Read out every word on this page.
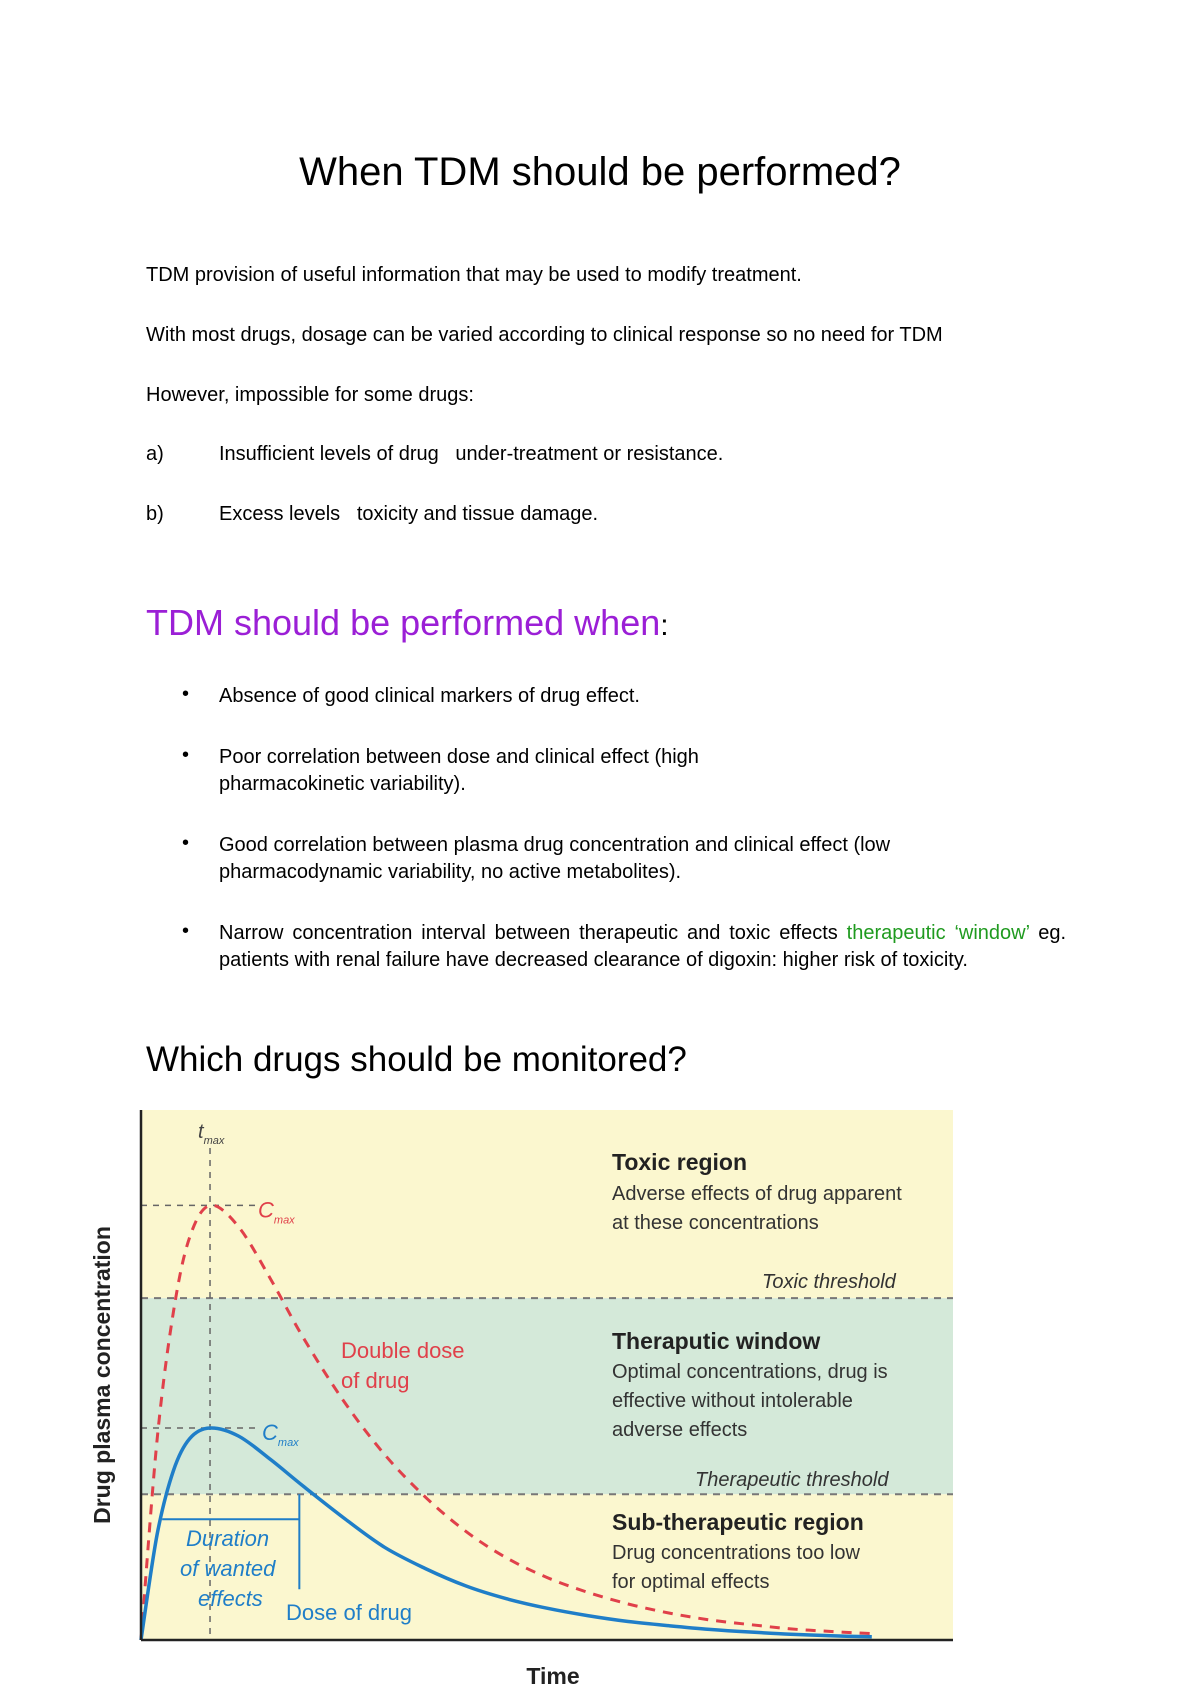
When TDM should be performed?
TDM provision of useful information that may be used to modify treatment.
With most drugs, dosage can be varied according to clinical response so no need for TDM
However, impossible for some drugs:
a)	Insufficient levels of drug   under-treatment or resistance.
b)	Excess levels   toxicity and tissue damage.
TDM should be performed when:
• Absence of good clinical markers of drug effect.
• Poor correlation between dose and clinical effect (high pharmacokinetic variability).
• Good correlation between plasma drug concentration and clinical effect (low pharmacodynamic variability, no active metabolites).
• Narrow concentration interval between therapeutic and toxic effects therapeutic ‘window’ eg. patients with renal failure have decreased clearance of digoxin: higher risk of toxicity.
Which drugs should be monitored?
$t_{max}$
$C_{max}$
$C_{max}$
Double dose
of drug
Duration
of wanted
effects
Dose of drug
Toxic region
Adverse effects of drug apparent
at these concentrations
Toxic threshold
Theraputic window
Optimal concentrations, drug is
effective without intolerable
adverse effects
Therapeutic threshold
Sub-therapeutic region
Drug concentrations too low
for optimal effects
Drug plasma concentration
Time
